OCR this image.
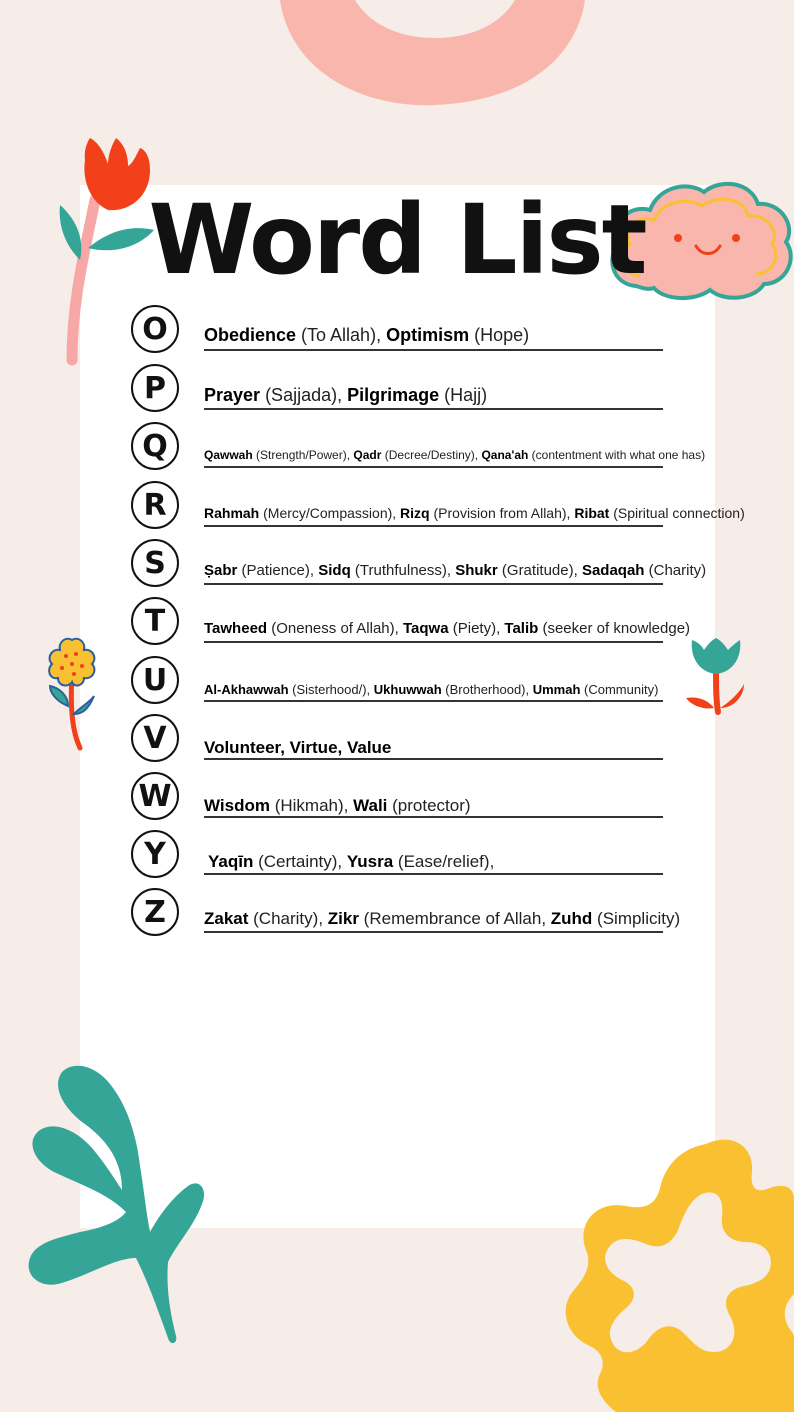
Word List
O	Obedience (To Allah), Optimism (Hope)
P	Prayer (Sajjada), Pilgrimage (Hajj)
Q	Qawwah (Strength/Power), Qadr (Decree/Destiny), Qana'ah (contentment with what one has)
R	Rahmah (Mercy/Compassion), Rizq (Provision from Allah), Ribat (Spiritual connection)
S	Ṣabr (Patience), Sidq (Truthfulness), Shukr (Gratitude), Sadaqah (Charity)
T	Tawheed (Oneness of Allah), Taqwa (Piety), Talib (seeker of knowledge)
U	Al-Akhawwah (Sisterhood/), Ukhuwwah (Brotherhood), Ummah (Community)
V	Volunteer, Virtue, Value
W	Wisdom (Hikmah), Wali (protector)
Y	Yaqīn (Certainty), Yusra (Ease/relief),
Z	Zakat (Charity), Zikr (Remembrance of Allah, Zuhd (Simplicity)
